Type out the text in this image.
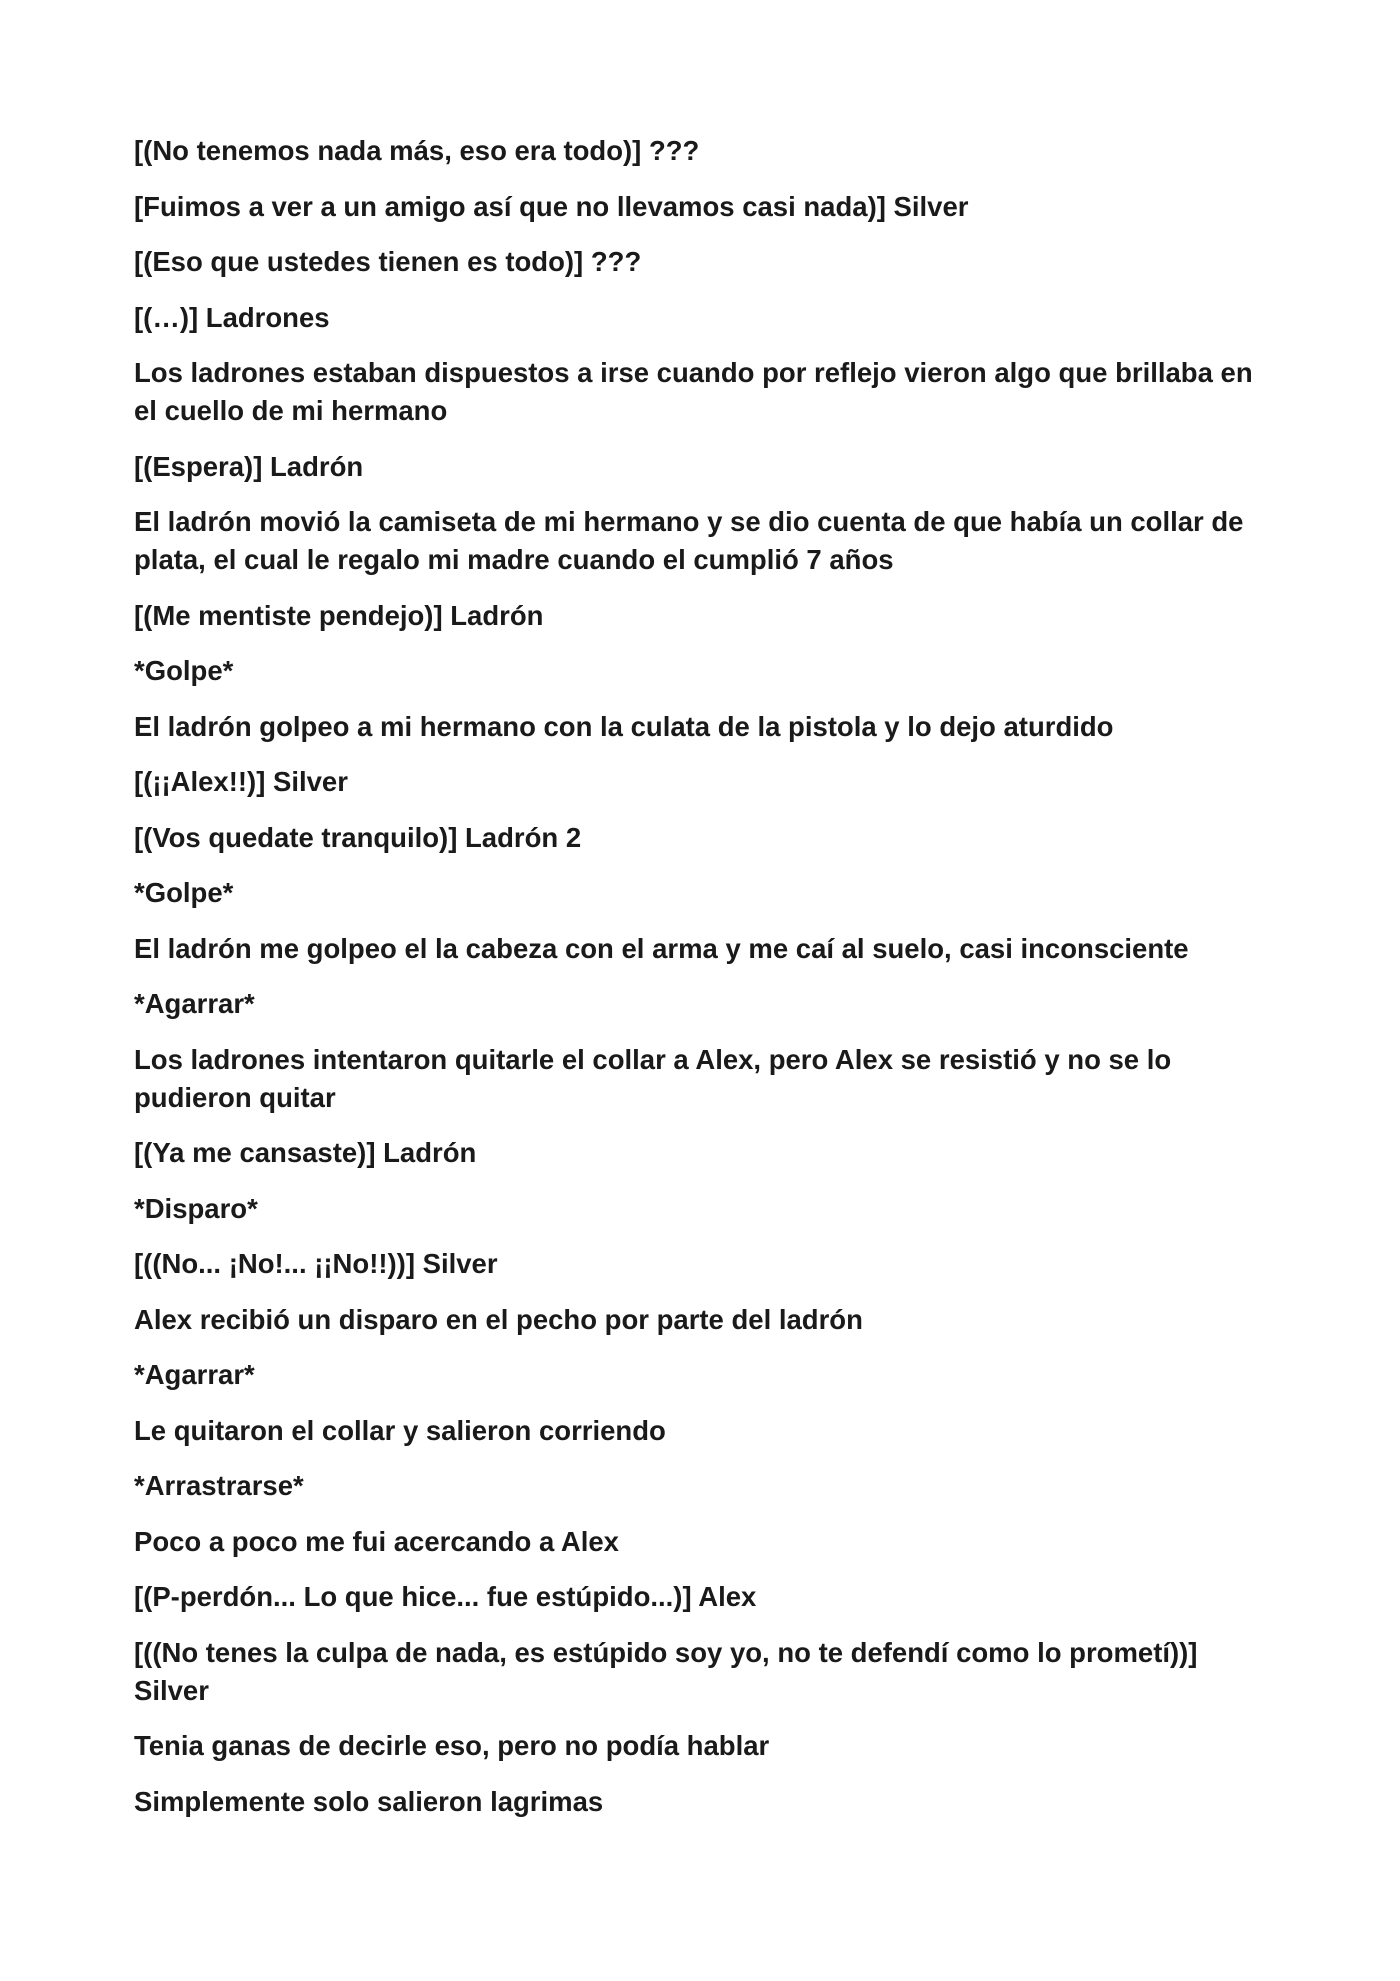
[(No tenemos nada más, eso era todo)] ???

[Fuimos a ver a un amigo así que no llevamos casi nada)] Silver

[(Eso que ustedes tienen es todo)] ???

[(…)] Ladrones

Los ladrones estaban dispuestos a irse cuando por reflejo vieron algo que brillaba en el cuello de mi hermano

[(Espera)] Ladrón

El ladrón movió la camiseta de mi hermano y se dio cuenta de que había un collar de plata, el cual le regalo mi madre cuando el cumplió 7 años

[(Me mentiste pendejo)] Ladrón

*Golpe*

El ladrón golpeo a mi hermano con la culata de la pistola y lo dejo aturdido

[(¡¡Alex!!)] Silver

[(Vos quedate tranquilo)] Ladrón 2

*Golpe*

El ladrón me golpeo el la cabeza con el arma y me caí al suelo, casi inconsciente

*Agarrar*

Los ladrones intentaron quitarle el collar a Alex, pero Alex se resistió y no se lo pudieron quitar

[(Ya me cansaste)] Ladrón

*Disparo*

[((No... ¡No!... ¡¡No!!))] Silver

Alex recibió un disparo en el pecho por parte del ladrón

*Agarrar*

Le quitaron el collar y salieron corriendo

*Arrastrarse*

Poco a poco me fui acercando a Alex

[(P-perdón... Lo que hice... fue estúpido...)] Alex

[((No tenes la culpa de nada, es estúpido soy yo, no te defendí como lo prometí))] Silver

Tenia ganas de decirle eso, pero no podía hablar

Simplemente solo salieron lagrimas
